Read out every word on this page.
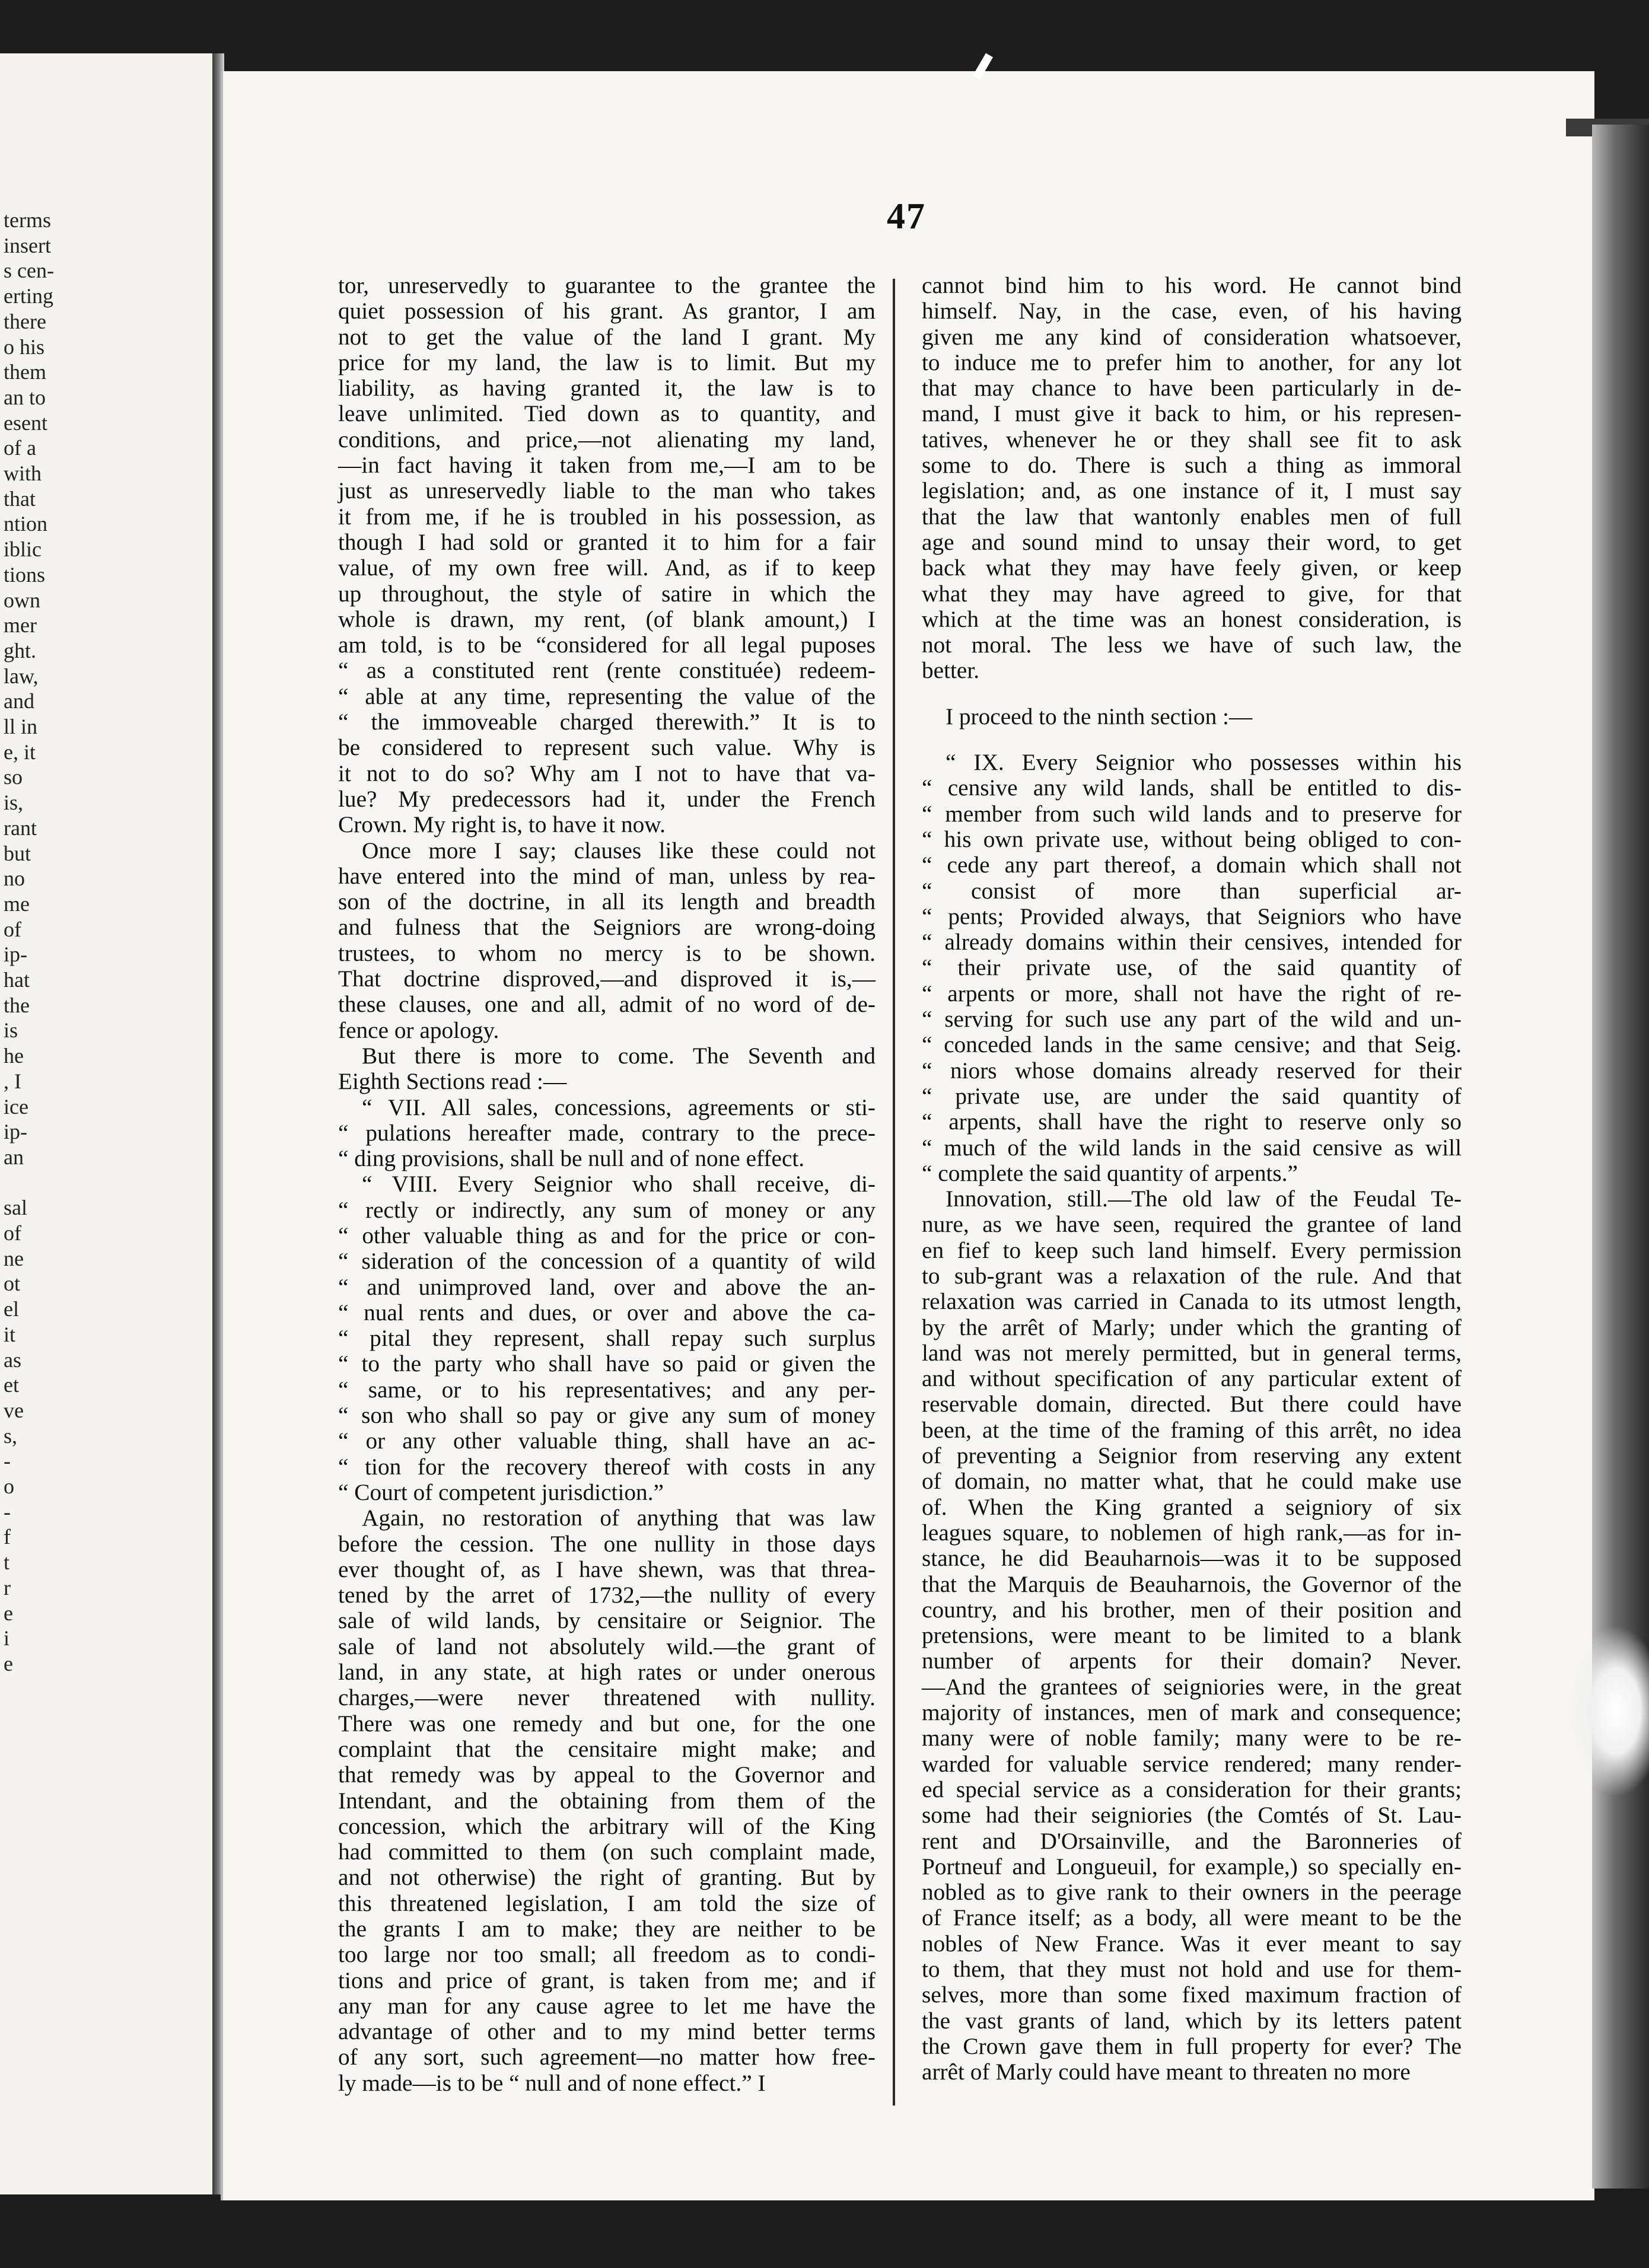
terms
insert
s cen-
erting
there
o his
them
an to
esent
of a
with
that
ntion
iblic
tions
own
mer
ght.
law,
and
ll in
e, it
so
is,
rant
but
no
me
of
ip-
hat
the
is
he
, I
ice
ip-
an
sal
of
ne
ot
el
it
as
et
ve
s,
-
o
-
f
t
r
e
i
e
47

tor, unreservedly to guarantee to the grantee the
quiet possession of his grant. As grantor, I am
not to get the value of the land I grant. My
price for my land, the law is to limit. But my
liability, as having granted it, the law is to
leave unlimited. Tied down as to quantity, and
conditions, and price,—not alienating my land,
—in fact having it taken from me,—I am to be
just as unreservedly liable to the man who takes
it from me, if he is troubled in his possession, as
though I had sold or granted it to him for a fair
value, of my own free will. And, as if to keep
up throughout, the style of satire in which the
whole is drawn, my rent, (of blank amount,) I
am told, is to be “considered for all legal puposes
“ as a constituted rent (rente constituée) redeem-
“ able at any time, representing the value of the
“ the immoveable charged therewith.” It is to
be considered to represent such value. Why is
it not to do so? Why am I not to have that va-
lue? My predecessors had it, under the French
Crown. My right is, to have it now.

Once more I say; clauses like these could not
have entered into the mind of man, unless by rea-
son of the doctrine, in all its length and breadth
and fulness that the Seigniors are wrong-doing
trustees, to whom no mercy is to be shown.
That doctrine disproved,—and disproved it is,—
these clauses, one and all, admit of no word of de-
fence or apology.

But there is more to come. The Seventh and
Eighth Sections read :—

“ VII. All sales, concessions, agreements or sti-
“ pulations hereafter made, contrary to the prece-
“ ding provisions, shall be null and of none effect.

“ VIII. Every Seignior who shall receive, di-
“ rectly or indirectly, any sum of money or any
“ other valuable thing as and for the price or con-
“ sideration of the concession of a quantity of wild
“ and unimproved land, over and above the an-
“ nual rents and dues, or over and above the ca-
“ pital they represent, shall repay such surplus
“ to the party who shall have so paid or given the
“ same, or to his representatives; and any per-
“ son who shall so pay or give any sum of money
“ or any other valuable thing, shall have an ac-
“ tion for the recovery thereof with costs in any
“ Court of competent jurisdiction.”

Again, no restoration of anything that was law
before the cession. The one nullity in those days
ever thought of, as I have shewn, was that threa-
tened by the arret of 1732,—the nullity of every
sale of wild lands, by censitaire or Seignior. The
sale of land not absolutely wild.—the grant of
land, in any state, at high rates or under onerous
charges,—were never threatened with nullity.
There was one remedy and but one, for the one
complaint that the censitaire might make; and
that remedy was by appeal to the Governor and
Intendant, and the obtaining from them of the
concession, which the arbitrary will of the King
had committed to them (on such complaint made,
and not otherwise) the right of granting. But by
this threatened legislation, I am told the size of
the grants I am to make; they are neither to be
too large nor too small; all freedom as to condi-
tions and price of grant, is taken from me; and if
any man for any cause agree to let me have the
advantage of other and to my mind better terms
of any sort, such agreement—no matter how free-
ly made—is to be “ null and of none effect.” I

cannot bind him to his word. He cannot bind
himself. Nay, in the case, even, of his having
given me any kind of consideration whatsoever,
to induce me to prefer him to another, for any lot
that may chance to have been particularly in de-
mand, I must give it back to him, or his represen-
tatives, whenever he or they shall see fit to ask
some to do. There is such a thing as immoral
legislation; and, as one instance of it, I must say
that the law that wantonly enables men of full
age and sound mind to unsay their word, to get
back what they may have feely given, or keep
what they may have agreed to give, for that
which at the time was an honest consideration, is
not moral. The less we have of such law, the
better.

I proceed to the ninth section :—

“ IX. Every Seignior who possesses within his
“ censive any wild lands, shall be entitled to dis-
“ member from such wild lands and to preserve for
“ his own private use, without being obliged to con-
“ cede any part thereof, a domain which shall not
“ consist of more than superficial ar-
“ pents; Provided always, that Seigniors who have
“ already domains within their censives, intended for
“ their private use, of the said quantity of
“ arpents or more, shall not have the right of re-
“ serving for such use any part of the wild and un-
“ conceded lands in the same censive; and that Seig.
“ niors whose domains already reserved for their
“ private use, are under the said quantity of
“ arpents, shall have the right to reserve only so
“ much of the wild lands in the said censive as will
“ complete the said quantity of arpents.”

Innovation, still.—The old law of the Feudal Te-
nure, as we have seen, required the grantee of land
en fief to keep such land himself. Every permission
to sub-grant was a relaxation of the rule. And that
relaxation was carried in Canada to its utmost length,
by the arrêt of Marly; under which the granting of
land was not merely permitted, but in general terms,
and without specification of any particular extent of
reservable domain, directed. But there could have
been, at the time of the framing of this arrêt, no idea
of preventing a Seignior from reserving any extent
of domain, no matter what, that he could make use
of. When the King granted a seigniory of six
leagues square, to noblemen of high rank,—as for in-
stance, he did Beauharnois—was it to be supposed
that the Marquis de Beauharnois, the Governor of the
country, and his brother, men of their position and
pretensions, were meant to be limited to a blank
number of arpents for their domain? Never.
—And the grantees of seigniories were, in the great
majority of instances, men of mark and consequence;
many were of noble family; many were to be re-
warded for valuable service rendered; many render-
ed special service as a consideration for their grants;
some had their seigniories (the Comtés of St. Lau-
rent and D'Orsainville, and the Baronneries of
Portneuf and Longueuil, for example,) so specially en-
nobled as to give rank to their owners in the peerage
of France itself; as a body, all were meant to be the
nobles of New France. Was it ever meant to say
to them, that they must not hold and use for them-
selves, more than some fixed maximum fraction of
the vast grants of land, which by its letters patent
the Crown gave them in full property for ever? The
arrêt of Marly could have meant to threaten no more
